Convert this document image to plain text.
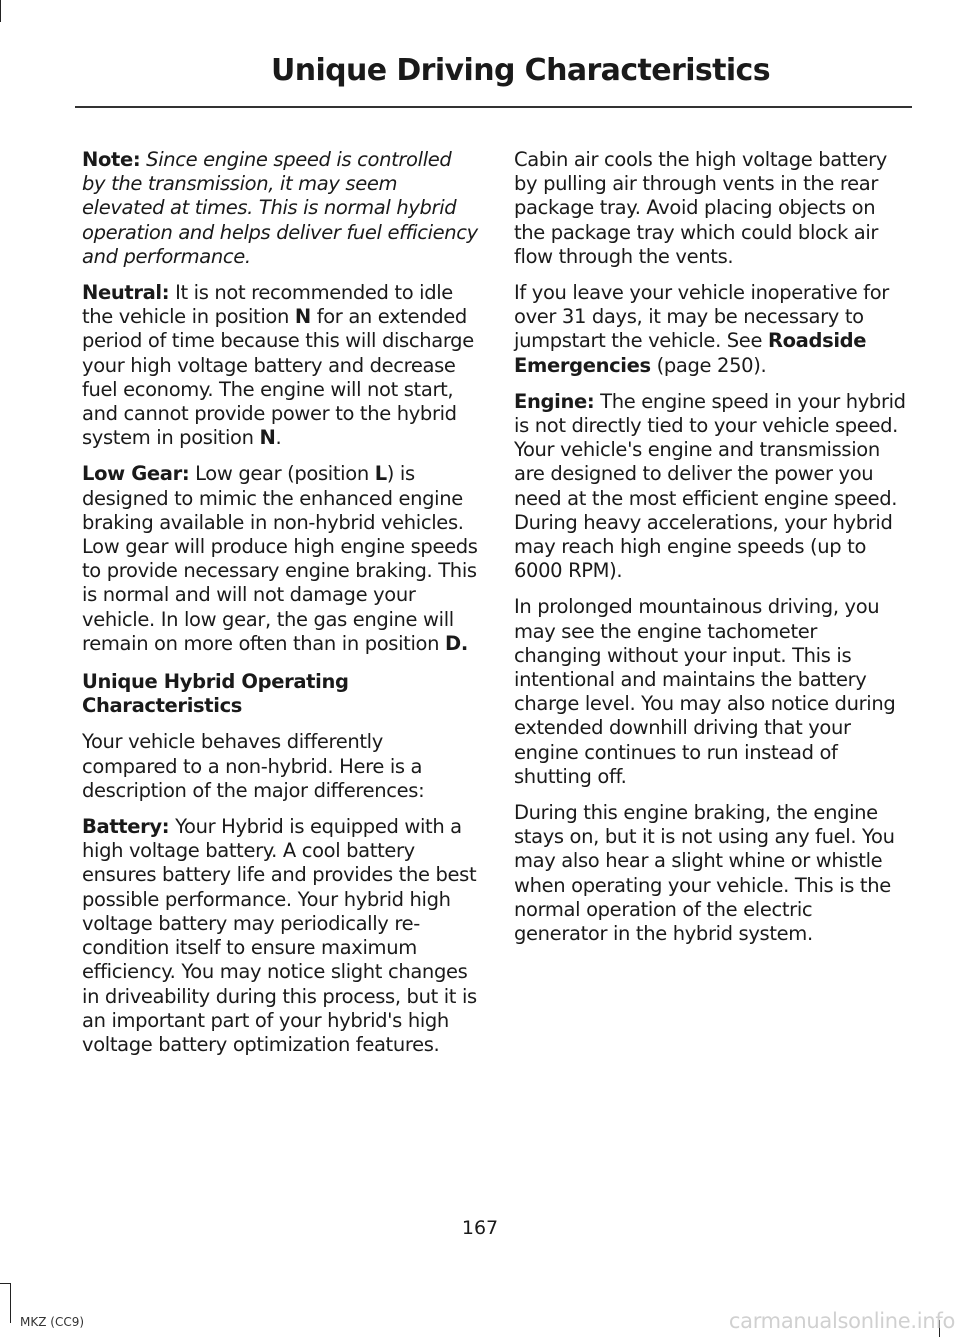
Unique Driving Characteristics

Note: Since engine speed is controlled by the transmission, it may seem elevated at times. This is normal hybrid operation and helps deliver fuel efficiency and performance.

Neutral: It is not recommended to idle the vehicle in position N for an extended period of time because this will discharge your high voltage battery and decrease fuel economy. The engine will not start, and cannot provide power to the hybrid system in position N.

Low Gear: Low gear (position L) is designed to mimic the enhanced engine braking available in non-hybrid vehicles. Low gear will produce high engine speeds to provide necessary engine braking. This is normal and will not damage your vehicle. In low gear, the gas engine will remain on more often than in position D.

Unique Hybrid Operating Characteristics

Your vehicle behaves differently compared to a non-hybrid. Here is a description of the major differences:

Battery: Your Hybrid is equipped with a high voltage battery. A cool battery ensures battery life and provides the best possible performance. Your hybrid high voltage battery may periodically re-condition itself to ensure maximum efficiency. You may notice slight changes in driveability during this process, but it is an important part of your hybrid's high voltage battery optimization features.

Cabin air cools the high voltage battery by pulling air through vents in the rear package tray. Avoid placing objects on the package tray which could block air flow through the vents.

If you leave your vehicle inoperative for over 31 days, it may be necessary to jumpstart the vehicle. See Roadside Emergencies (page 250).

Engine: The engine speed in your hybrid is not directly tied to your vehicle speed. Your vehicle's engine and transmission are designed to deliver the power you need at the most efficient engine speed. During heavy accelerations, your hybrid may reach high engine speeds (up to 6000 RPM).

In prolonged mountainous driving, you may see the engine tachometer changing without your input. This is intentional and maintains the battery charge level. You may also notice during extended downhill driving that your engine continues to run instead of shutting off.

During this engine braking, the engine stays on, but it is not using any fuel. You may also hear a slight whine or whistle when operating your vehicle. This is the normal operation of the electric generator in the hybrid system.

167
MKZ (CC9)	carmanualsonline.info
